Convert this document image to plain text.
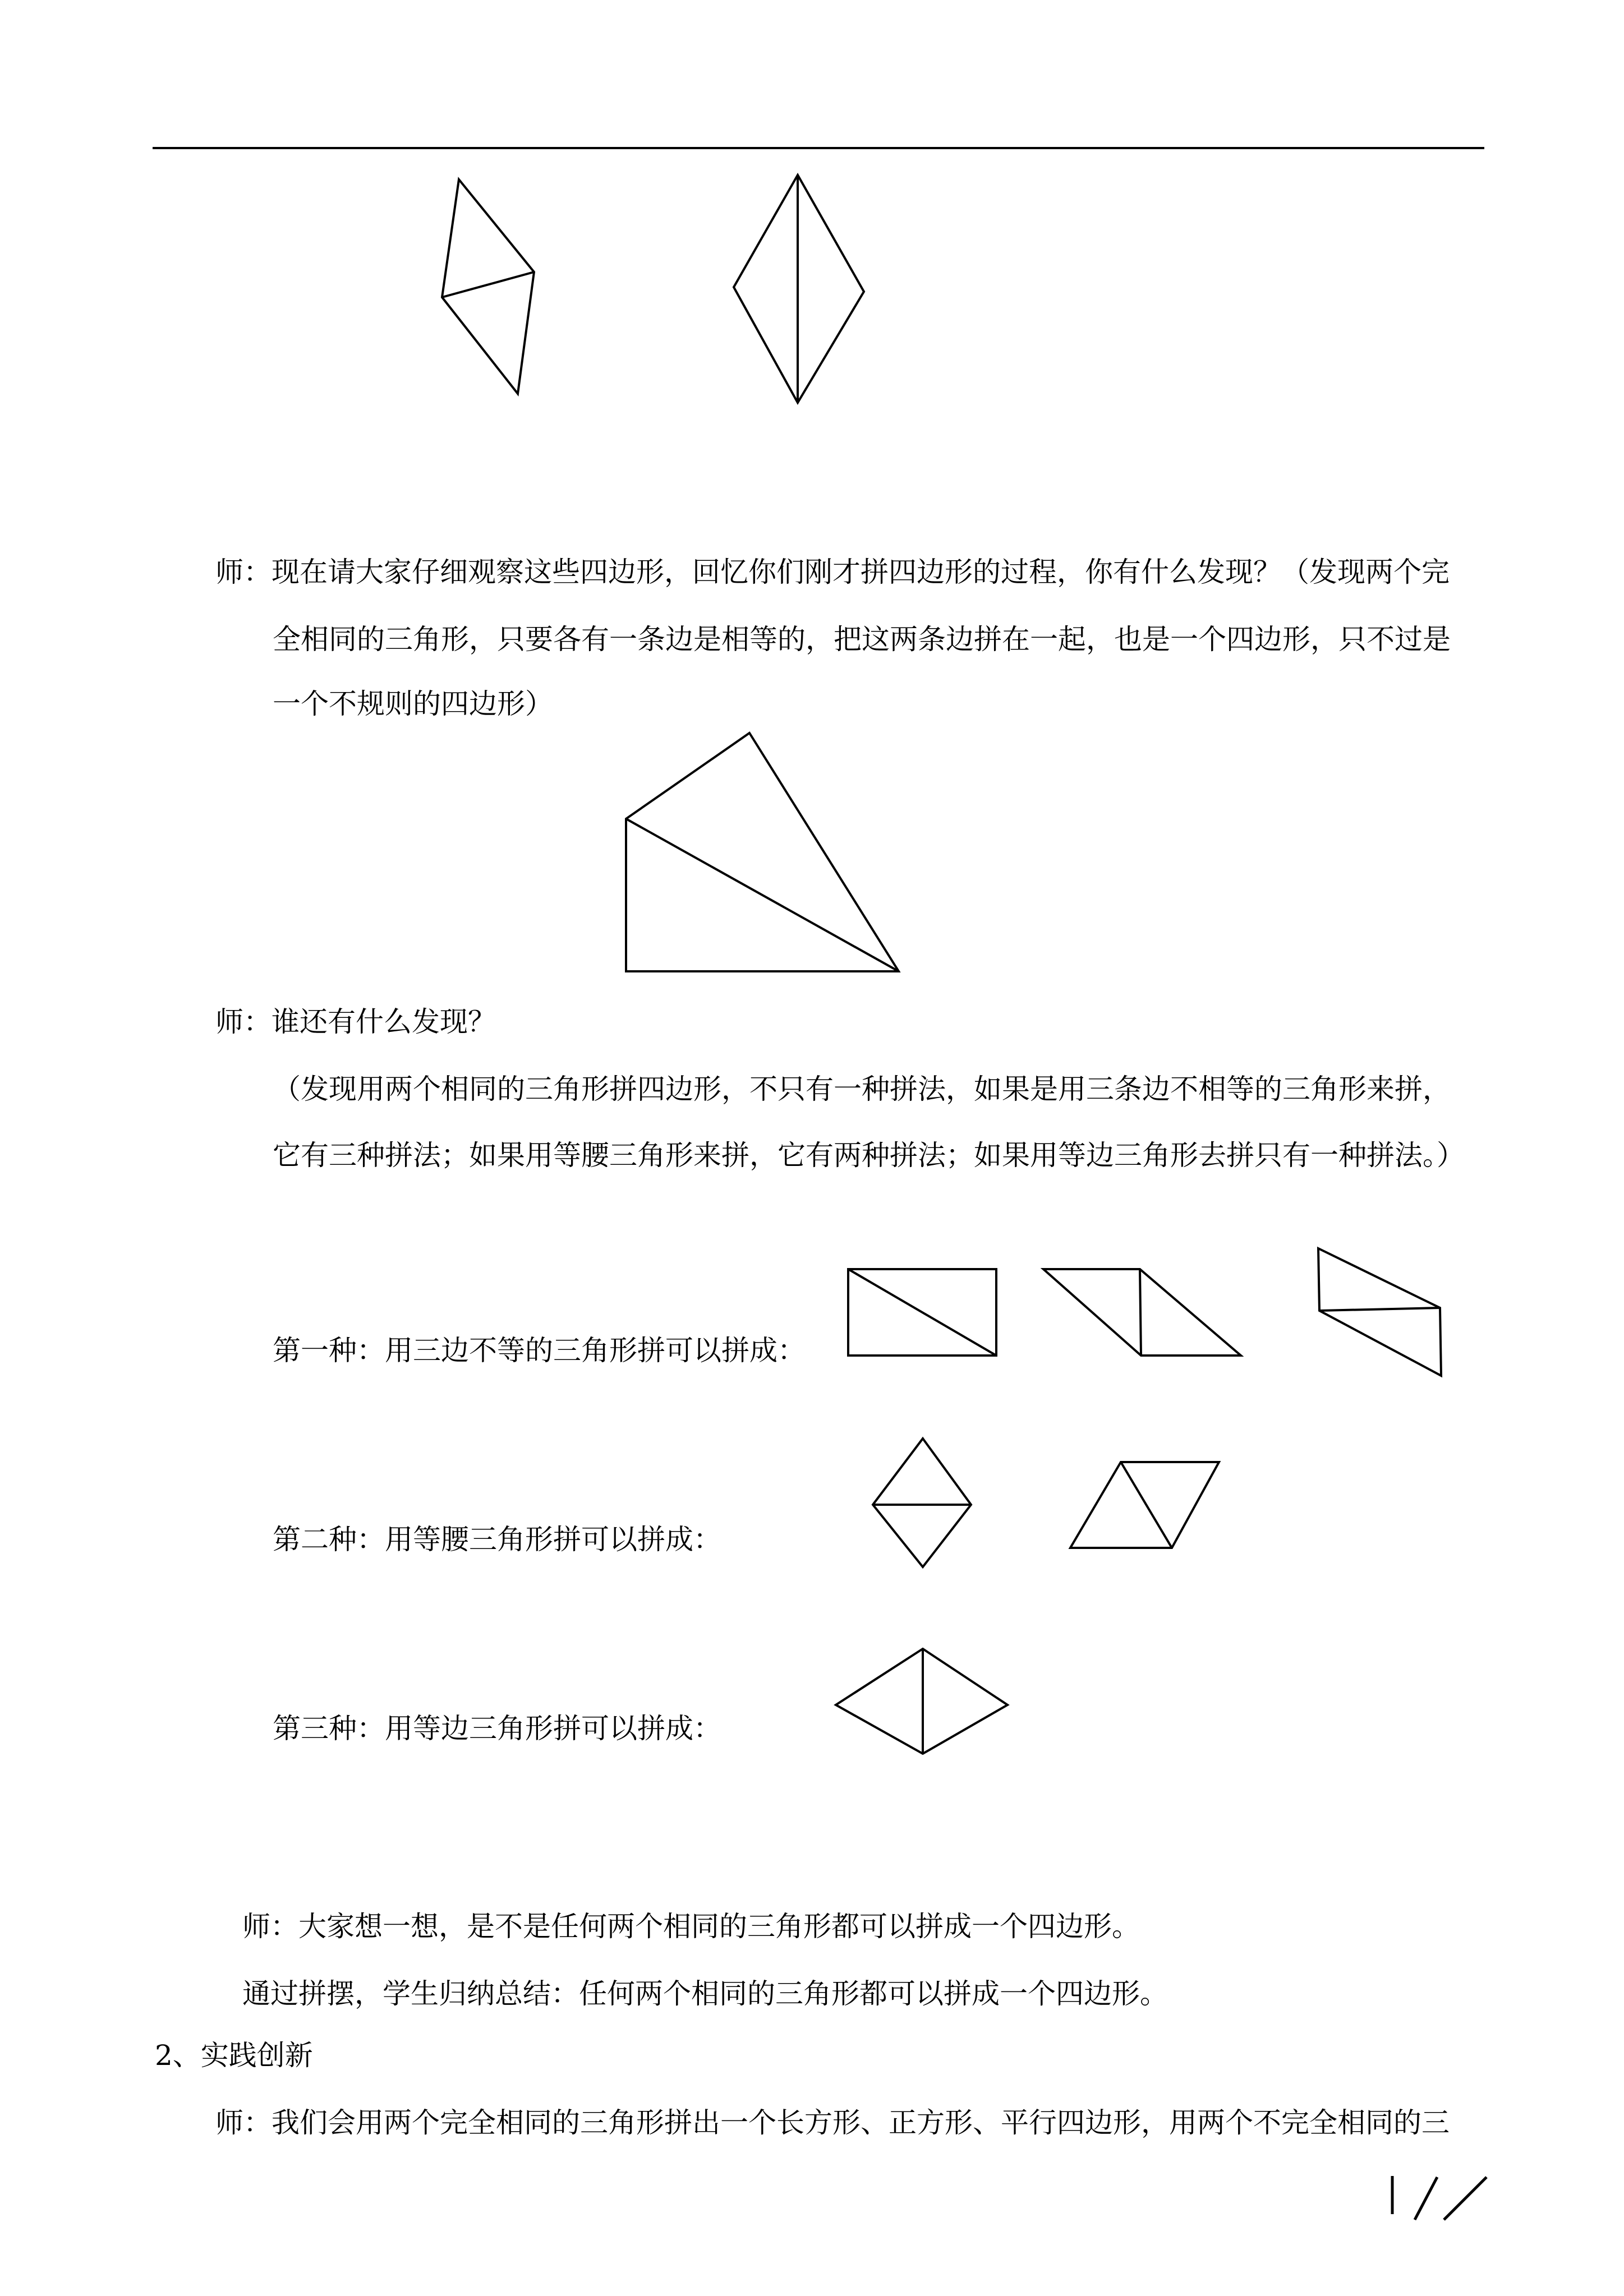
师：现在请大家仔细观察这些四边形，回忆你们刚才拼四边形的过程，你有什么发现？（发现两个完
全相同的三角形，只要各有一条边是相等的，把这两条边拼在一起，也是一个四边形，只不过是
一个不规则的四边形）
师：谁还有什么发现？
（发现用两个相同的三角形拼四边形，不只有一种拼法，如果是用三条边不相等的三角形来拼，
它有三种拼法；如果用等腰三角形来拼，它有两种拼法；如果用等边三角形去拼只有一种拼法。）
第一种：用三边不等的三角形拼可以拼成：
第二种：用等腰三角形拼可以拼成：
第三种：用等边三角形拼可以拼成：
师：大家想一想，是不是任何两个相同的三角形都可以拼成一个四边形。
通过拼摆，学生归纳总结：任何两个相同的三角形都可以拼成一个四边形。
2、实践创新
师：我们会用两个完全相同的三角形拼出一个长方形、正方形、平行四边形，用两个不完全相同的三
